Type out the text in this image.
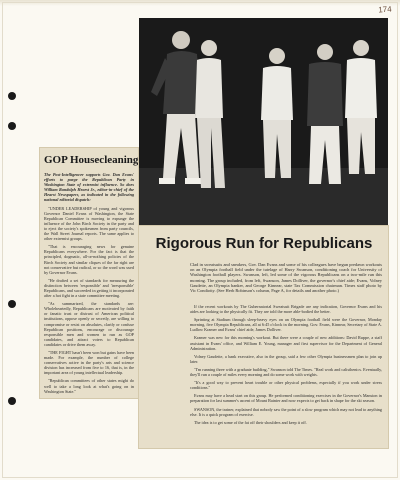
174
Rigorous Run for Republicans

Clad in sweatsuits and sneakers, Gov. Dan Evans and some of his colleagues have begun predawn workouts on an Olympia football field under the tutelage of Harry Swanson, conditioning coach for University of Washington football players. Swanson, left, led some of the vigorous Republicans on a two-mile run this morning. The group included, from left, Swanson, James Dolliver, the governor's chief aide; Evans, Volney Gaudette, an Olympia banker, and George Kinnear, state Tax Commission chairman. Times staff photo by Vic Condiotty. (See Herb Robinson's column, Page A, for details and another photo.)

If the recent workouts by The Gubernatorial Sweatsuit Brigade are any indication, Governor Evans and his aides are looking to the physically fit. They are told the more able-bodied the better.

Sprinting at Stadium through sleep-heavy eyes on an Olympia football field were the Governor, Monday morning, five Olympia Republicans, all at 6:45 o'clock in the morning. Gov. Evans, Kinnear, Secretary of State A. Ludlow Kramer and Evans' chief aide, James Dolliver.

Kramer was new for this morning's workout. But there were a couple of new additions: David Ruppe, a staff assistant in Evans' office, and William E. Young, manager and first supervisor for the Department of General Administration.

Volney Gaudette, a bank executive, also in the group, said a few other Olympia businessmen plan to join up later.

"I'm running three with a graduate building," Swanson told The Times. "Real work and calisthenics. Eventually, they'll run a couple of miles every morning and do some work with weights.

"It's a good way to prevent heart trouble or other physical problems, especially if you work under stress conditions."

Evans may have a head start on this group. He performed conditioning exercises in the Governor's Mansion in preparation for last summer's ascent of Mount Rainier and now expects to get back in shape for the ski season.

SWANSON, the trainer, explained that nobody saw the point of a slow program which may not lead to anything else. It is a quick program of exercise.

The idea is to get some of the fat off their shoulders and keep it off.

GOP Housecleaning

The Post-Intelligencer supports Gov. Dan Evans' efforts to purge the Republican Party in Washington State of extremist influence. So does William Randolph Hearst Jr., editor-in-chief of the Hearst Newspapers, as indicated in the following national editorial dispatch:

"UNDER LEADERSHIP of young and vigorous Governor Daniel Evans of Washington, the State Republican Committee is moving to expunge the influence of the John Birch Society in the party and to eject the society's spokesmen from party councils, the Wall Street Journal reports. The same applies to other extremist groups.

"That is encouraging news for genuine Republicans everywhere. For the fact is that the principled, dogmatic, all-or-nothing policies of the Birch Society and similar cliques of the far right are not conservative but radical, or so the word was used by Governor Evans.

"He drafted a set of standards for measuring the distinction between 'responsible' and 'irresponsible' Republicans, and succeeded in getting it incorporated after a hot fight in a state committee meeting.

"As summarized, the standards are: Wholeheartedly, Republicans are motivated by faith or fanatic trust or distrust of American political institutions, oppose openly or secretly, are willing to compromise or resist on absolutes, clarify or confuse Republican positions, encourage or discourage responsible men and women to run as GOP candidates, and attract voters to Republican candidates or drive them away.

"THE FIGHT hasn't been won but gains have been made. For example, the number of college conservatives active in the party's arts and science division has increased from five to 16, that is, in the important area of young intellectual leadership.

"Republican committees of other states might do well to take a long look at what's going on in Washington State."
